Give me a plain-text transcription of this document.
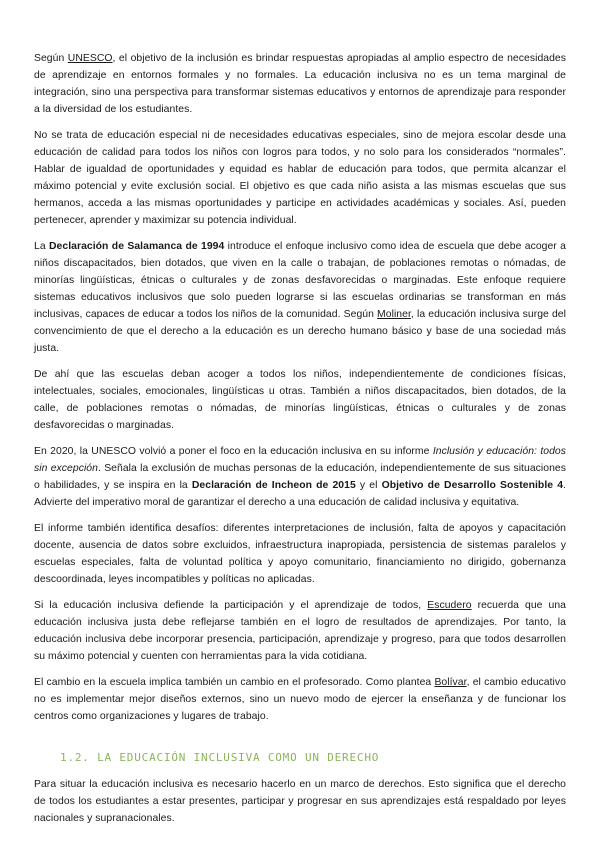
Según UNESCO, el objetivo de la inclusión es brindar respuestas apropiadas al amplio espectro de necesidades de aprendizaje en entornos formales y no formales. La educación inclusiva no es un tema marginal de integración, sino una perspectiva para transformar sistemas educativos y entornos de aprendizaje para responder a la diversidad de los estudiantes.

No se trata de educación especial ni de necesidades educativas especiales, sino de mejora escolar desde una educación de calidad para todos los niños con logros para todos, y no solo para los considerados “normales”. Hablar de igualdad de oportunidades y equidad es hablar de educación para todos, que permita alcanzar el máximo potencial y evite exclusión social. El objetivo es que cada niño asista a las mismas escuelas que sus hermanos, acceda a las mismas oportunidades y participe en actividades académicas y sociales. Así, pueden pertenecer, aprender y maximizar su potencia individual.

La Declaración de Salamanca de 1994 introduce el enfoque inclusivo como idea de escuela que debe acoger a niños discapacitados, bien dotados, que viven en la calle o trabajan, de poblaciones remotas o nómadas, de minorías lingüísticas, étnicas o culturales y de zonas desfavorecidas o marginadas. Este enfoque requiere sistemas educativos inclusivos que solo pueden lograrse si las escuelas ordinarias se transforman en más inclusivas, capaces de educar a todos los niños de la comunidad. Según Moliner, la educación inclusiva surge del convencimiento de que el derecho a la educación es un derecho humano básico y base de una sociedad más justa.

De ahí que las escuelas deban acoger a todos los niños, independientemente de condiciones físicas, intelectuales, sociales, emocionales, lingüísticas u otras. También a niños discapacitados, bien dotados, de la calle, de poblaciones remotas o nómadas, de minorías lingüísticas, étnicas o culturales y de zonas desfavorecidas o marginadas.

En 2020, la UNESCO volvió a poner el foco en la educación inclusiva en su informe Inclusión y educación: todos sin excepción. Señala la exclusión de muchas personas de la educación, independientemente de sus situaciones o habilidades, y se inspira en la Declaración de Incheon de 2015 y el Objetivo de Desarrollo Sostenible 4. Advierte del imperativo moral de garantizar el derecho a una educación de calidad inclusiva y equitativa.

El informe también identifica desafíos: diferentes interpretaciones de inclusión, falta de apoyos y capacitación docente, ausencia de datos sobre excluidos, infraestructura inapropiada, persistencia de sistemas paralelos y escuelas especiales, falta de voluntad política y apoyo comunitario, financiamiento no dirigido, gobernanza descoordinada, leyes incompatibles y políticas no aplicadas.

Si la educación inclusiva defiende la participación y el aprendizaje de todos, Escudero recuerda que una educación inclusiva justa debe reflejarse también en el logro de resultados de aprendizajes. Por tanto, la educación inclusiva debe incorporar presencia, participación, aprendizaje y progreso, para que todos desarrollen su máximo potencial y cuenten con herramientas para la vida cotidiana.

El cambio en la escuela implica también un cambio en el profesorado. Como plantea Bolívar, el cambio educativo no es implementar mejor diseños externos, sino un nuevo modo de ejercer la enseñanza y de funcionar los centros como organizaciones y lugares de trabajo.

1.2. LA EDUCACIÓN INCLUSIVA COMO UN DERECHO

Para situar la educación inclusiva es necesario hacerlo en un marco de derechos. Esto significa que el derecho de todos los estudiantes a estar presentes, participar y progresar en sus aprendizajes está respaldado por leyes nacionales y supranacionales.
